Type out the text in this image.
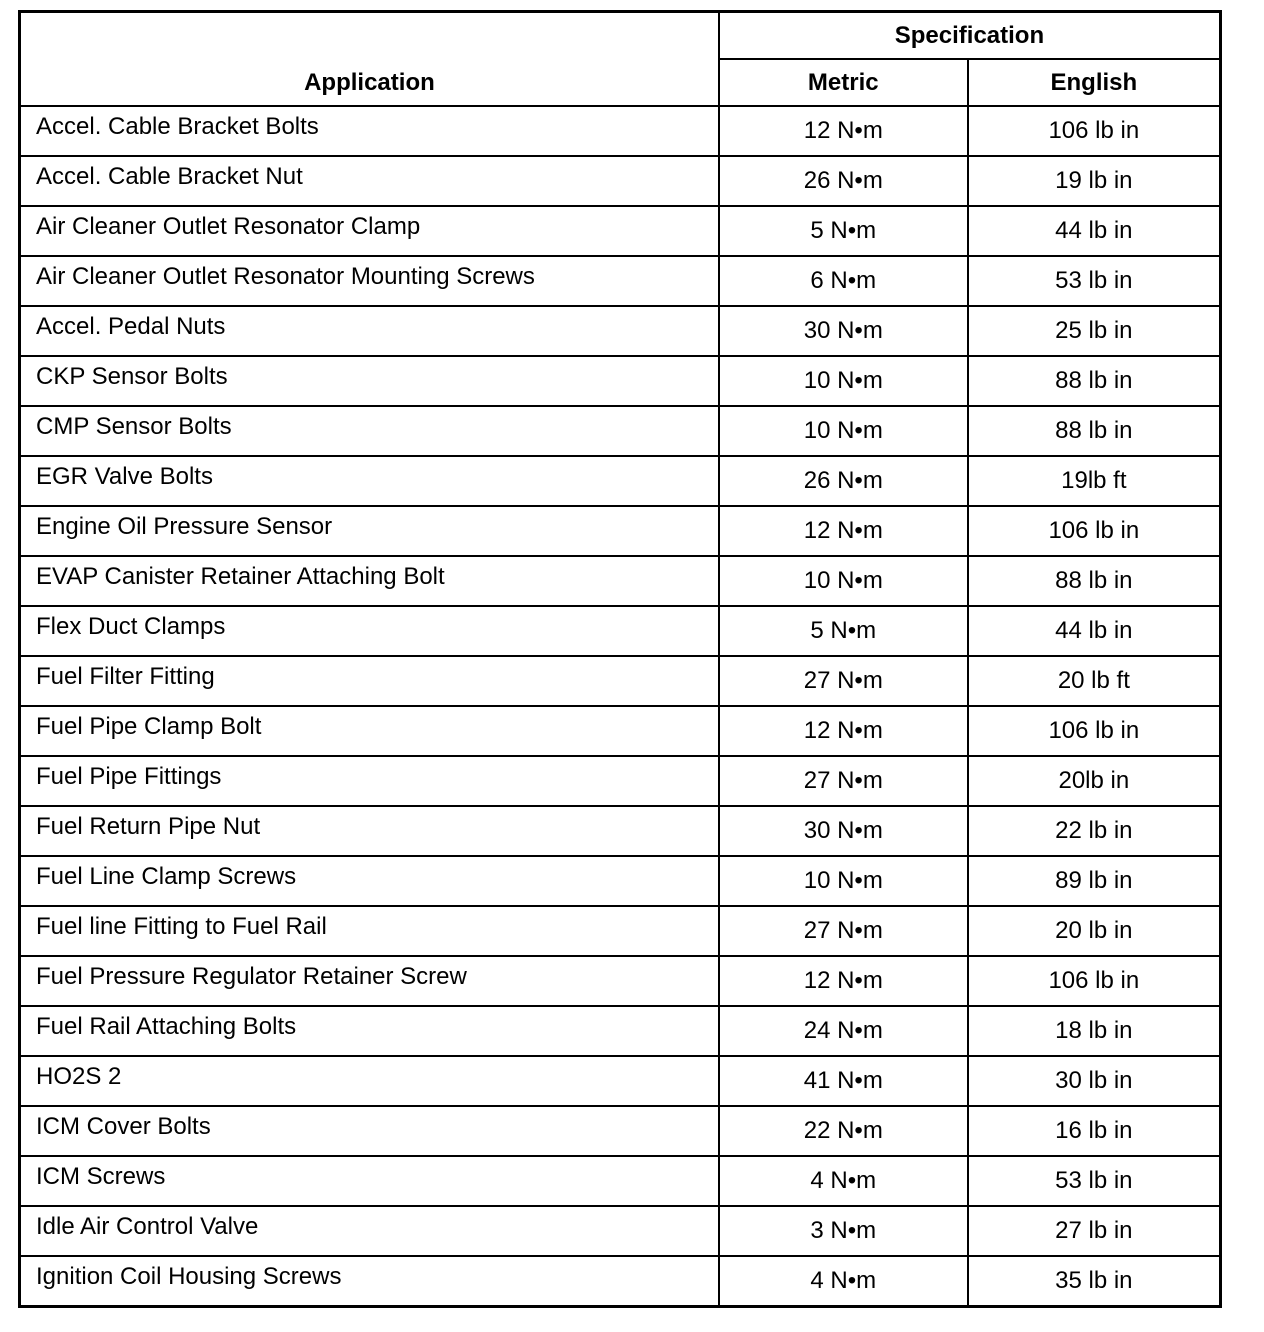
Application	Specification	
	Metric	English
Accel. Cable Bracket Bolts	12 N•m	106 lb in
Accel. Cable Bracket Nut	26 N•m	19 lb in
Air Cleaner Outlet Resonator Clamp	5 N•m	44 lb in
Air Cleaner Outlet Resonator Mounting Screws	6 N•m	53 lb in
Accel. Pedal Nuts	30 N•m	25 lb in
CKP Sensor Bolts	10 N•m	88 lb in
CMP Sensor Bolts	10 N•m	88 lb in
EGR Valve Bolts	26 N•m	19lb ft
Engine Oil Pressure Sensor	12 N•m	106 lb in
EVAP Canister Retainer Attaching Bolt	10 N•m	88 lb in
Flex Duct Clamps	5 N•m	44 lb in
Fuel Filter Fitting	27 N•m	20 lb ft
Fuel Pipe Clamp Bolt	12 N•m	106 lb in
Fuel Pipe Fittings	27 N•m	20lb in
Fuel Return Pipe Nut	30 N•m	22 lb in
Fuel Line Clamp Screws	10 N•m	89 lb in
Fuel line Fitting to Fuel Rail	27 N•m	20 lb in
Fuel Pressure Regulator Retainer Screw	12 N•m	106 lb in
Fuel Rail Attaching Bolts	24 N•m	18 lb in
HO2S 2	41 N•m	30 lb in
ICM Cover Bolts	22 N•m	16 lb in
ICM Screws	4 N•m	53 lb in
Idle Air Control Valve	3 N•m	27 lb in
Ignition Coil Housing Screws	4 N•m	35 lb in
